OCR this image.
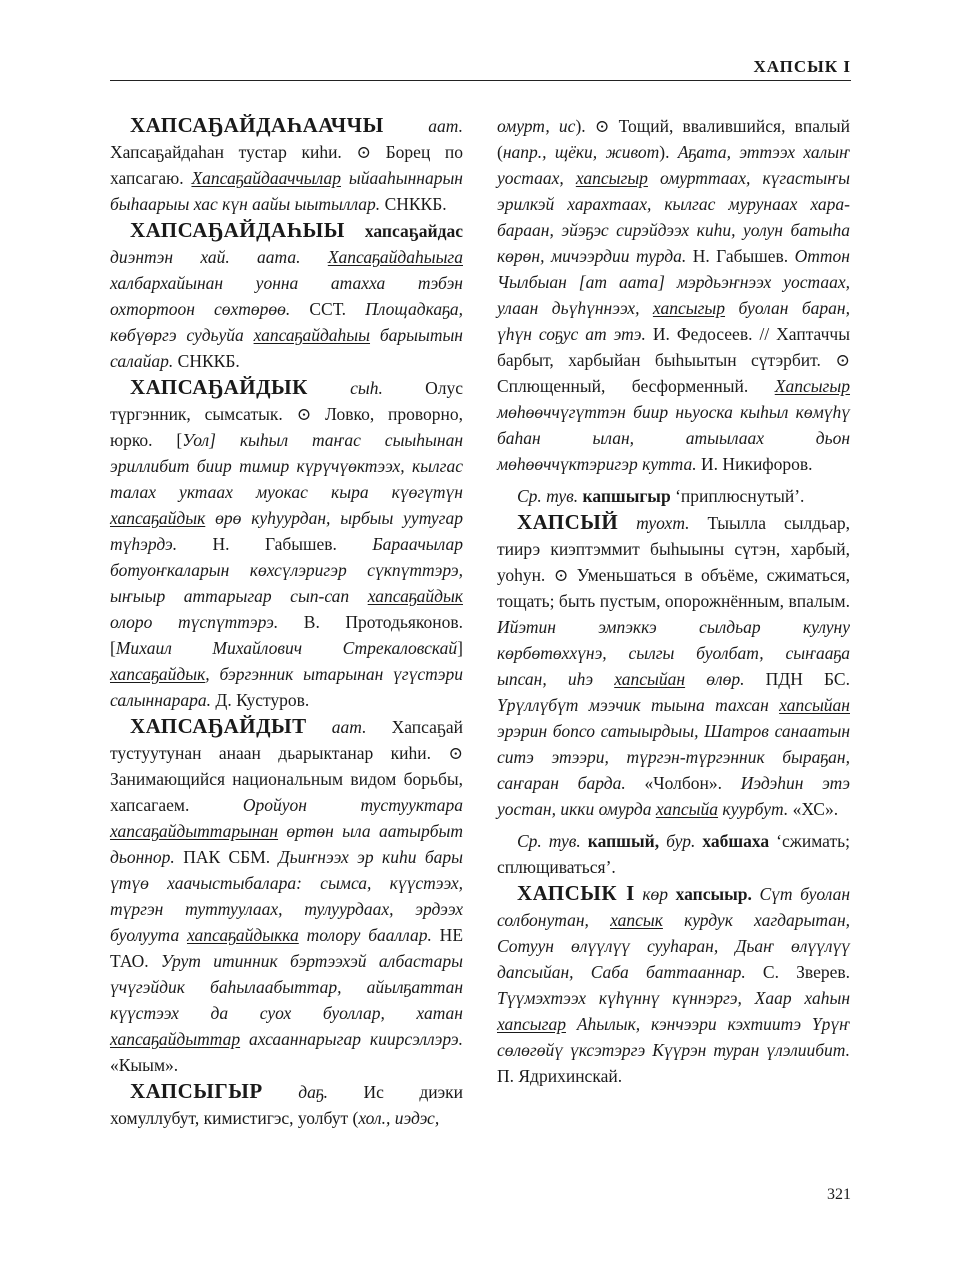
ХАПСЫК I

ХАПСАҔАЙДАҺААЧЧЫ аат. Хапсаҕайдаһан тустар киһи. ⊙ Борец по хапсагаю. Хапсаҕайдааччылар ыйааһыннарын быһаарыы хас күн аайы ыытыллар. СНККБ.

ХАПСАҔАЙДАҺЫЫ хапсаҕайдас диэнтэн хай. аата. Хапсаҕайдаһыыга халбархайынан уонна атахха тэбэн охтортоон сөхтөрөө. ССТ. Площадкаҕа, көбүөргэ судьуйа хапсаҕайдаһыы барыытын салайар. СНККБ.

ХАПСАҔАЙДЫК сыһ. Олус түргэнник, сымсатык. ⊙ Ловко, проворно, юрко. [Уол] кыһыл таҥас сыыһынан эриллибит биир тимир күрүчүөктээх, кылгас талах уктаах муокас кыра күөгүтүн хапсаҕайдык өрө куһуурдан, ырбыы уутугар түһэрдэ. Н. Габышев. Бараачылар ботуоҥкаларын көхсүлэригэр сүкпүттэрэ, ыҥыыр аттарыгар сып-сап хапсаҕайдык олоро түспүттэрэ. В. Протодьяконов. [Михаил Михайлович Стрекаловскай] хапсаҕайдык, бэргэнник ытарынан үгүстэри салыннарара. Д. Кустуров.

ХАПСАҔАЙДЫТ аат. Хапсаҕай тустуутунан анаан дьарыктанар киһи. ⊙ Занимающийся национальным видом борьбы, хапсагаем. Оройуон тустууктара хапсаҕайдыттарынан өртөн ыла аатырбыт дьоннор. ПАК СБМ. Дьиҥнээх эр киһи бары үтүө хаачыстыбалара: сымса, күүстээх, түргэн туттуулаах, тулуурдаах, эрдээх буолуута хапсаҕайдыкка толору бааллар. НЕ ТАО. Урут итинник бэртээхэй албастары үчүгэйдик баһылаабыттар, айылҕаттан күүстээх да суох буоллар, хатан хапсаҕайдыттар ахсааннарыгар киирсэллэрэ. «Кыым».

ХАПСЫГЫР даҕ. Ис диэки хомуллубут, кимистигэс, уолбут (хол., иэдэс,

омурт, ис). ⊙ Тощий, ввалившийся, впалый (напр., щёки, живот). Аҕата, эттээх халыҥ уостаах, хапсыгыр омурттаах, күгастыҥы эрилкэй харахтаах, кылгас мурунаах хара-бараан, эйэҕэс сирэйдээх киһи, уолун батыһа көрөн, мичээрдии турда. Н. Габышев. Оттон Чылбыан [ат аата] мэрдьэҥнээх уостаах, улаан дьүһүннээх, хапсыгыр буолан баран, үһүн соҕус ат этэ. И. Федосеев. // Хаптаччы барбыт, харбыйан быһыытын сүтэрбит. ⊙ Сплющенный, бесформенный. Хапсыгыр мөһөөччүгүттэн биир ньуоска кыһыл көмүһү баһан ылан, атыылаах дьон мөһөөччүктэригэр кутта. И. Никифоров.

Ср. тув. капшыгыр ‘приплюснутый’.

ХАПСЫЙ туохт. Тыылла сылдьар, тиирэ киэптэммит быһыыны сүтэн, харбый, уоһун. ⊙ Уменьшаться в объёме, сжиматься, тощать; быть пустым, опорожнённым, впалым. Ийэтин эмпэккэ сылдьар кулуну көрбөтөххүнэ, сылгы буолбат, сыҥааҕа ыпсан, иһэ хапсыйан өлөр. ПДН БС. Үрүллүбүт мээчик тыына тахсан хапсыйан эрэрин бопсо сатыырдыы, Шатров санаатын ситэ этээри, түргэн-түргэнник быраҕан, саҥаран барда. «Чолбон». Иэдэһин этэ уостан, икки омурда хапсыйа куурбут. «ХС».

Ср. тув. капшый, бур. хабшаха ‘сжимать; сплющиваться’.

ХАПСЫК I көр хапсыыр. Сүт буолан солбонутан, хапсык курдук хагдарытан, Сотуун өлүүлүү сууһаран, Дьаҥ өлүүлүү дапсыйан, Саба баттааннар. С. Зверев. Түүмэхтээх күһүннү күннэргэ, Хаар хаһын хапсыгар Аһылык, кэнчээри кэхтиитэ Үрүҥ сөлөгөйү үксэтэргэ Күүрэн туран үлэлиибит. П. Ядрихинскай.

321
